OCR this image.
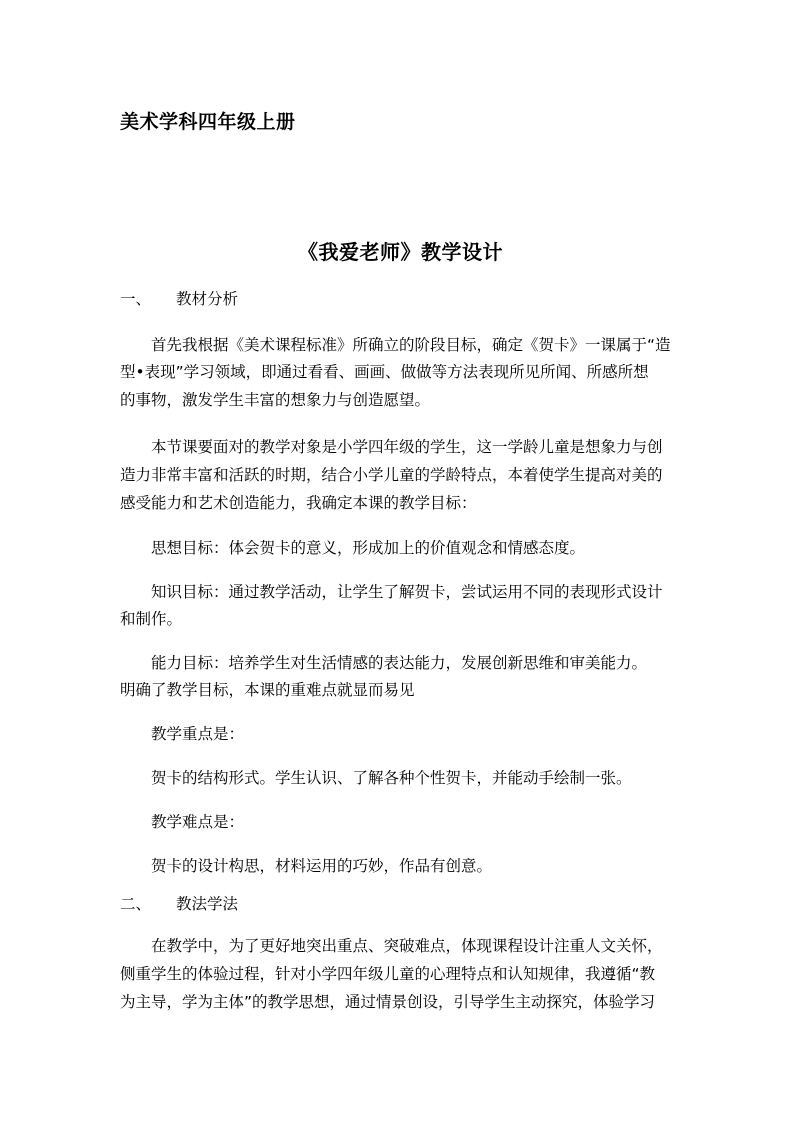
美术学科四年级上册
《我爱老师》教学设计
一、 教材分析
首先我根据《美术课程标准》所确立的阶段目标，确定《贺卡》一课属于“造
型•表现”学习领域，即通过看看、画画、做做等方法表现所见所闻、所感所想
的事物，激发学生丰富的想象力与创造愿望。
本节课要面对的教学对象是小学四年级的学生，这一学龄儿童是想象力与创
造力非常丰富和活跃的时期，结合小学儿童的学龄特点，本着使学生提高对美的
感受能力和艺术创造能力，我确定本课的教学目标：
思想目标：体会贺卡的意义，形成加上的价值观念和情感态度。
知识目标：通过教学活动，让学生了解贺卡，尝试运用不同的表现形式设计
和制作。
能力目标：培养学生对生活情感的表达能力，发展创新思维和审美能力。
明确了教学目标，本课的重难点就显而易见
教学重点是：
贺卡的结构形式。学生认识、了解各种个性贺卡，并能动手绘制一张。
教学难点是：
贺卡的设计构思，材料运用的巧妙，作品有创意。
二、 教法学法
在教学中，为了更好地突出重点、突破难点，体现课程设计注重人文关怀，
侧重学生的体验过程，针对小学四年级儿童的心理特点和认知规律，我遵循“教
为主导，学为主体”的教学思想，通过情景创设，引导学生主动探究，体验学习
